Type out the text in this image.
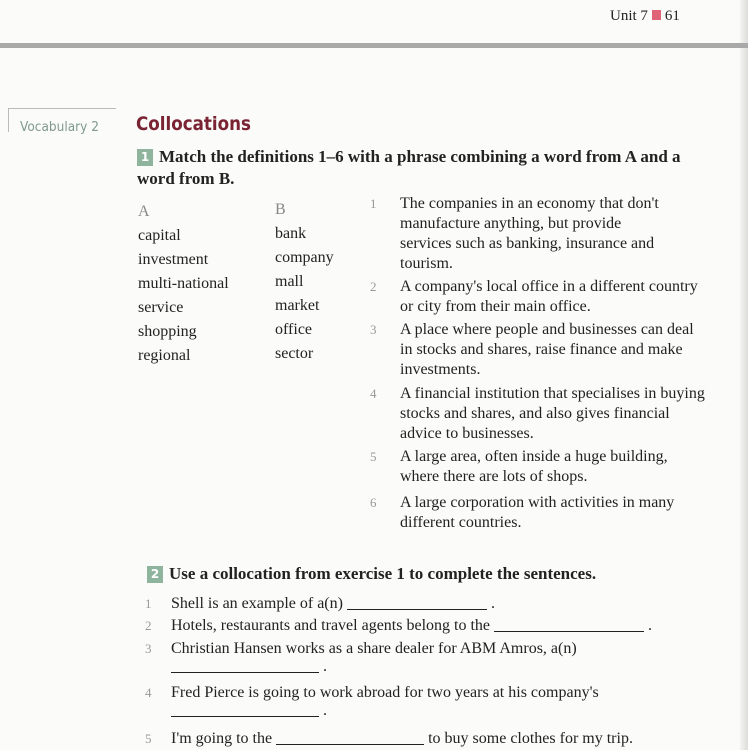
Unit 7 61
Vocabulary 2 Collocations
1 Match the definitions 1–6 with a phrase combining a word from A and a word from B.
A
capital
investment
multi-national
service
shopping
regional
B
bank
company
mall
market
office
sector
1 The companies in an economy that don't manufacture anything, but provide services such as banking, insurance and tourism.
2 A company's local office in a different country or city from their main office.
3 A place where people and businesses can deal in stocks and shares, raise finance and make investments.
4 A financial institution that specialises in buying stocks and shares, and also gives financial advice to businesses.
5 A large area, often inside a huge building, where there are lots of shops.
6 A large corporation with activities in many different countries.
2 Use a collocation from exercise 1 to complete the sentences.
1 Shell is an example of a(n)	.
2 Hotels, restaurants and travel agents belong to the	.
3 Christian Hansen works as a share dealer for ABM Amros, a(n)
.
4 Fred Pierce is going to work abroad for two years at his company's
.
5 I'm going to the	to buy some clothes for my trip.
